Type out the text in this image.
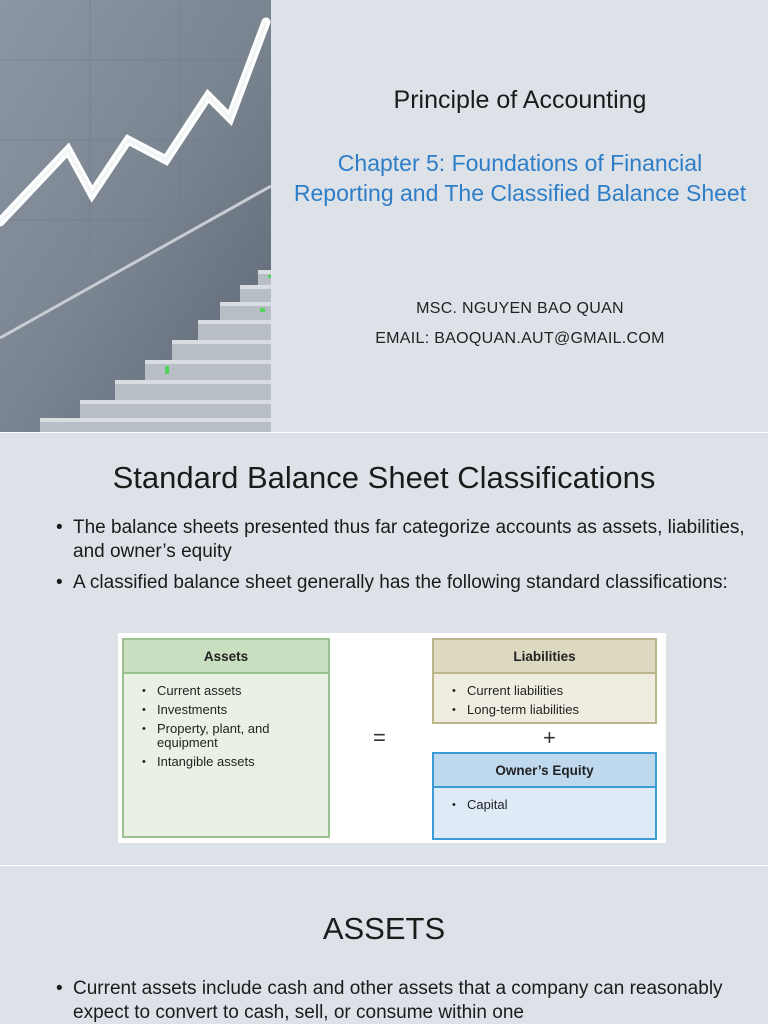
Principle of Accounting
Chapter 5: Foundations of Financial
Reporting and The Classified Balance Sheet
MSC. NGUYEN BAO QUAN
EMAIL: BAOQUAN.AUT@GMAIL.COM
Standard Balance Sheet Classifications
• The balance sheets presented thus far categorize accounts as assets, liabilities, and owner’s equity
• A classified balance sheet generally has the following standard classifications:
Assets
• Current assets
• Investments
• Property, plant, and equipment
• Intangible assets
=
Liabilities
• Current liabilities
• Long-term liabilities
+
Owner’s Equity
• Capital
ASSETS
• Current assets include cash and other assets that a company can reasonably expect to convert to cash, sell, or consume within one
